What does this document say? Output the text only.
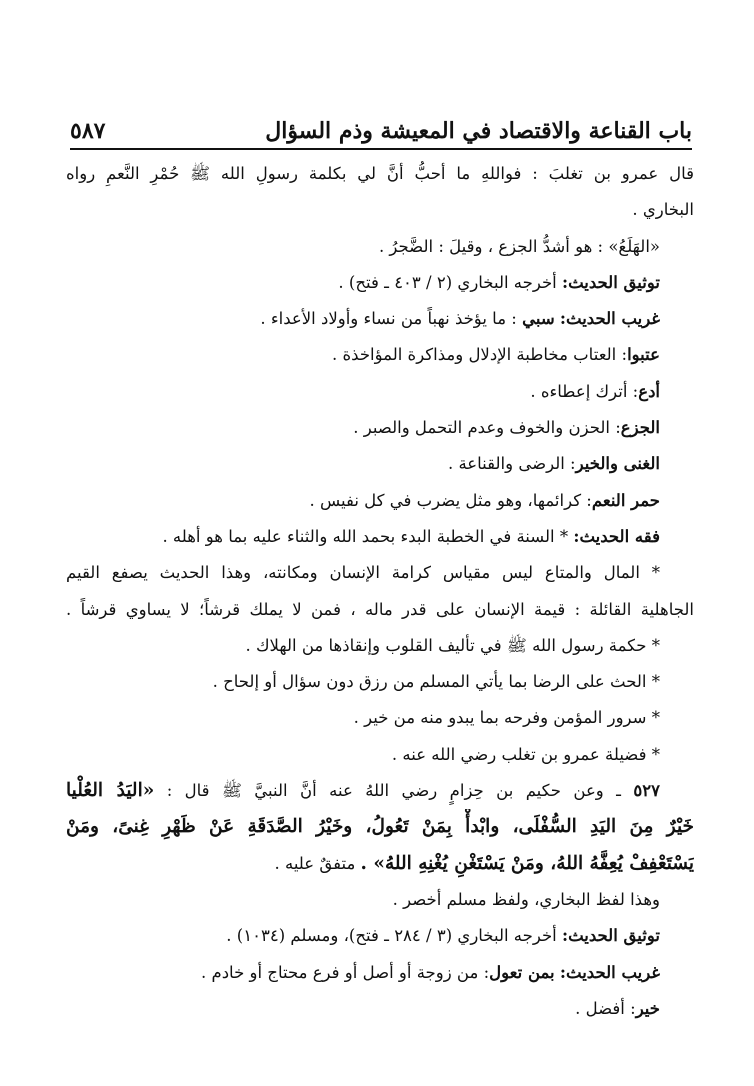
باب القناعة والاقتصاد في المعيشة وذم السؤال
٥٨٧
قال عمرو بن تغلبَ : فواللهِ ما أحبُّ أنَّ لي بكلمة رسولِ الله ﷺ حُمْرِ النَّعمِ رواه
البخاري .
«الهَلَعُ» : هو أشدُّ الجزع ، وقيلَ : الضَّجرُ .
توثيق الحديث: أخرجه البخاري (٢ / ٤٠٣ ـ فتح) .
غريب الحديث: سبي : ما يؤخذ نهباً من نساء وأولاد الأعداء .
عتبوا: العتاب مخاطبة الإدلال ومذاكرة المؤاخذة .
أدع: أترك إعطاءه .
الجزع: الحزن والخوف وعدم التحمل والصبر .
الغنى والخير: الرضى والقناعة .
حمر النعم: كرائمها، وهو مثل يضرب في كل نفيس .
فقه الحديث: * السنة في الخطبة البدء بحمد الله والثناء عليه بما هو أهله .
* المال والمتاع ليس مقياس كرامة الإنسان ومكانته، وهذا الحديث يصفع القيم
الجاهلية القائلة : قيمة الإنسان على قدر ماله ، فمن لا يملك قرشاً؛ لا يساوي قرشاً .
* حكمة رسول الله ﷺ في تأليف القلوب وإنقاذها من الهلاك .
* الحث على الرضا بما يأتي المسلم من رزق دون سؤال أو إلحاح .
* سرور المؤمن وفرحه بما يبدو منه من خير .
* فضيلة عمرو بن تغلب رضي الله عنه .
٥٢٧ ـ وعن حكيم بن حِزامٍ رضي اللهُ عنه أنَّ النبيَّ ﷺ قال : «اليَدُ العُلْيا
خَيْرٌ مِنَ اليَدِ السُّفْلَى، وابْدأْ بِمَنْ تَعُولُ، وخَيْرُ الصَّدَقَةِ عَنْ ظَهْرِ غِنىً، ومَنْ
يَسْتَعْفِفْ يُعِفَّهُ اللهُ، ومَنْ يَسْتَغْنِ يُغْنِهِ اللهُ» . متفقٌ عليه .
وهذا لفظ البخاري، ولفظ مسلم أخصر .
توثيق الحديث: أخرجه البخاري (٣ / ٢٨٤ ـ فتح)، ومسلم (١٠٣٤) .
غريب الحديث: بمن تعول: من زوجة أو أصل أو فرع محتاج أو خادم .
خير: أفضل .
